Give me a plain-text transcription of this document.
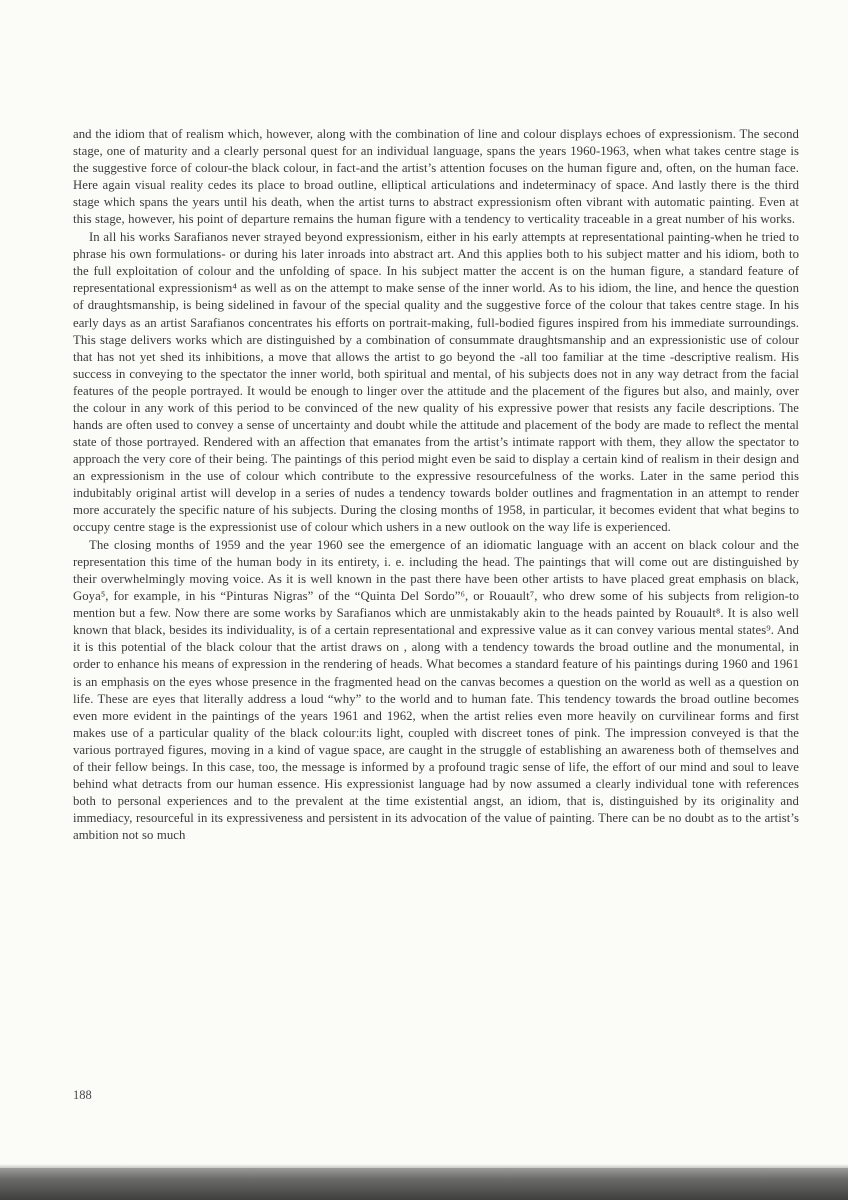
and the idiom that of realism which, however, along with the combination of line and colour displays echoes of expressionism. The second stage, one of maturity and a clearly personal quest for an individual language, spans the years 1960-1963, when what takes centre stage is the suggestive force of colour-the black colour, in fact-and the artist’s attention focuses on the human figure and, often, on the human face. Here again visual reality cedes its place to broad outline, elliptical articulations and indeterminacy of space. And lastly there is the third stage which spans the years until his death, when the artist turns to abstract expressionism often vibrant with automatic painting. Even at this stage, however, his point of departure remains the human figure with a tendency to verticality traceable in a great number of his works.

In all his works Sarafianos never strayed beyond expressionism, either in his early attempts at representational painting-when he tried to phrase his own formulations- or during his later inroads into abstract art. And this applies both to his subject matter and his idiom, both to the full exploitation of colour and the unfolding of space. In his subject matter the accent is on the human figure, a standard feature of representational expressionism⁴ as well as on the attempt to make sense of the inner world. As to his idiom, the line, and hence the question of draughtsmanship, is being sidelined in favour of the special quality and the suggestive force of the colour that takes centre stage. In his early days as an artist Sarafianos concentrates his efforts on portrait-making, full-bodied figures inspired from his immediate surroundings. This stage delivers works which are distinguished by a combination of consummate draughtsmanship and an expressionistic use of colour that has not yet shed its inhibitions, a move that allows the artist to go beyond the -all too familiar at the time -descriptive realism. His success in conveying to the spectator the inner world, both spiritual and mental, of his subjects does not in any way detract from the facial features of the people portrayed. It would be enough to linger over the attitude and the placement of the figures but also, and mainly, over the colour in any work of this period to be convinced of the new quality of his expressive power that resists any facile descriptions. The hands are often used to convey a sense of uncertainty and doubt while the attitude and placement of the body are made to reflect the mental state of those portrayed. Rendered with an affection that emanates from the artist’s intimate rapport with them, they allow the spectator to approach the very core of their being. The paintings of this period might even be said to display a certain kind of realism in their design and an expressionism in the use of colour which contribute to the expressive resourcefulness of the works. Later in the same period this indubitably original artist will develop in a series of nudes a tendency towards bolder outlines and fragmentation in an attempt to render more accurately the specific nature of his subjects. During the closing months of 1958, in particular, it becomes evident that what begins to occupy centre stage is the expressionist use of colour which ushers in a new outlook on the way life is experienced.

The closing months of 1959 and the year 1960 see the emergence of an idiomatic language with an accent on black colour and the representation this time of the human body in its entirety, i. e. including the head. The paintings that will come out are distinguished by their overwhelmingly moving voice. As it is well known in the past there have been other artists to have placed great emphasis on black, Goya⁵, for example, in his “Pinturas Nigras” of the “Quinta Del Sordo”⁶, or Rouault⁷, who drew some of his subjects from religion-to mention but a few. Now there are some works by Sarafianos which are unmistakably akin to the heads painted by Rouault⁸. It is also well known that black, besides its individuality, is of a certain representational and expressive value as it can convey various mental states⁹. And it is this potential of the black colour that the artist draws on , along with a tendency towards the broad outline and the monumental, in order to enhance his means of expression in the rendering of heads. What becomes a standard feature of his paintings during 1960 and 1961 is an emphasis on the eyes whose presence in the fragmented head on the canvas becomes a question on the world as well as a question on life. These are eyes that literally address a loud “why” to the world and to human fate. This tendency towards the broad outline becomes even more evident in the paintings of the years 1961 and 1962, when the artist relies even more heavily on curvilinear forms and first makes use of a particular quality of the black colour:its light, coupled with discreet tones of pink. The impression conveyed is that the various portrayed figures, moving in a kind of vague space, are caught in the struggle of establishing an awareness both of themselves and of their fellow beings. In this case, too, the message is informed by a profound tragic sense of life, the effort of our mind and soul to leave behind what detracts from our human essence. His expressionist language had by now assumed a clearly individual tone with references both to personal experiences and to the prevalent at the time existential angst, an idiom, that is, distinguished by its originality and immediacy, resourceful in its expressiveness and persistent in its advocation of the value of painting. There can be no doubt as to the artist’s ambition not so much

188
